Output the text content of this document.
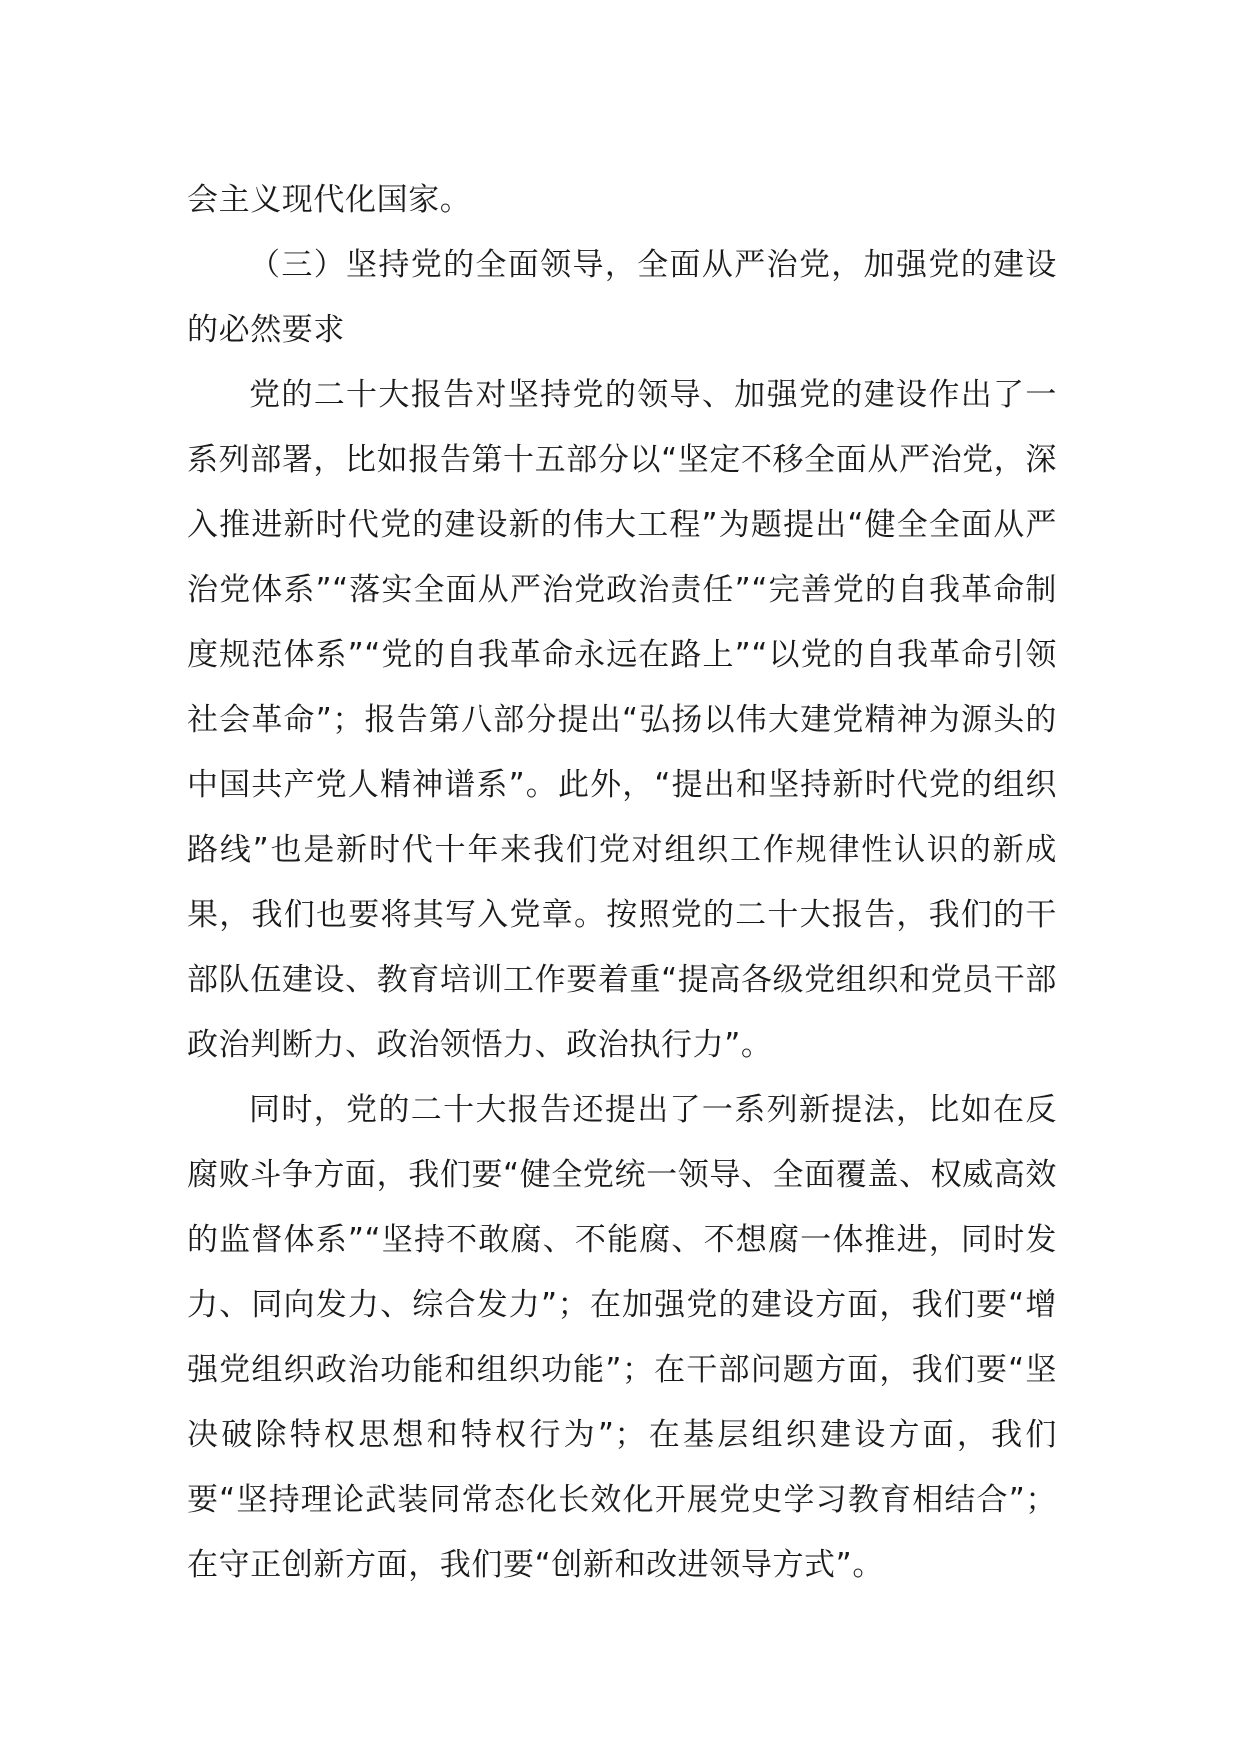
会主义现代化国家。

（三）坚持党的全面领导，全面从严治党，加强党的建设的必然要求

党的二十大报告对坚持党的领导、加强党的建设作出了一系列部署，比如报告第十五部分以“坚定不移全面从严治党，深入推进新时代党的建设新的伟大工程”为题提出“健全全面从严治党体系”“落实全面从严治党政治责任”“完善党的自我革命制度规范体系”“党的自我革命永远在路上”“以党的自我革命引领社会革命”；报告第八部分提出“弘扬以伟大建党精神为源头的中国共产党人精神谱系”。此外，“提出和坚持新时代党的组织路线”也是新时代十年来我们党对组织工作规律性认识的新成果，我们也要将其写入党章。按照党的二十大报告，我们的干部队伍建设、教育培训工作要着重“提高各级党组织和党员干部政治判断力、政治领悟力、政治执行力”。

同时，党的二十大报告还提出了一系列新提法，比如在反腐败斗争方面，我们要“健全党统一领导、全面覆盖、权威高效的监督体系”“坚持不敢腐、不能腐、不想腐一体推进，同时发力、同向发力、综合发力”；在加强党的建设方面，我们要“增强党组织政治功能和组织功能”；在干部问题方面，我们要“坚决破除特权思想和特权行为”；在基层组织建设方面，我们要“坚持理论武装同常态化长效化开展党史学习教育相结合”；在守正创新方面，我们要“创新和改进领导方式”。
